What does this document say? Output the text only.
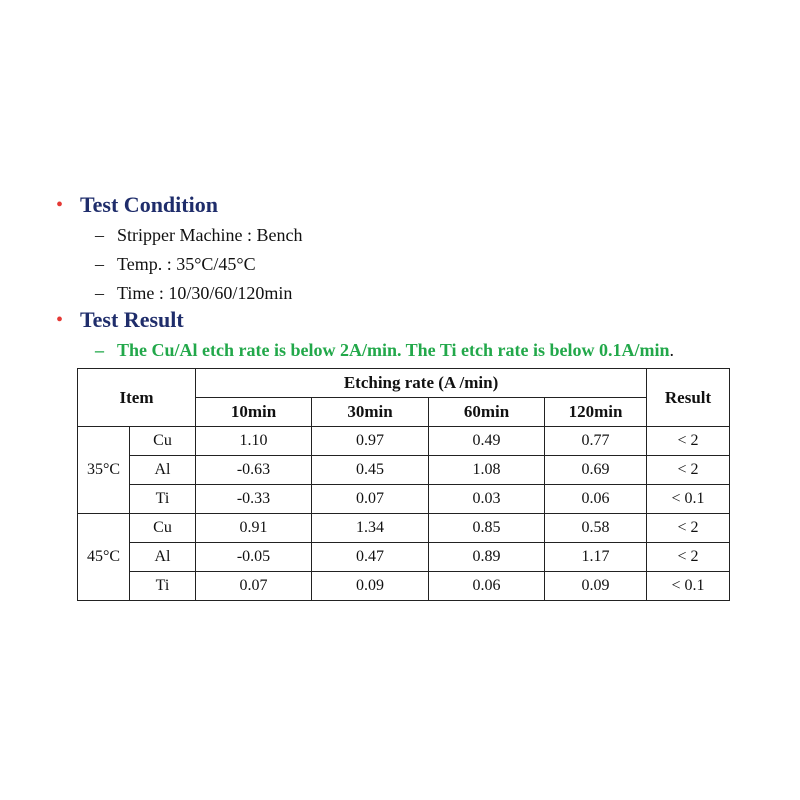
• Test Condition
– Stripper Machine : Bench
– Temp. : 35°C/45°C
– Time : 10/30/60/120min
• Test Result
– The Cu/Al etch rate is below 2A/min. The Ti etch rate is below 0.1A/min .
Item		Etching rate (A /min)				Result
		10min	30min	60min	120min	
35°C	Cu	1.10	0.97	0.49	0.77	< 2
	Al	-0.63	0.45	1.08	0.69	< 2
	Ti	-0.33	0.07	0.03	0.06	< 0.1
45°C	Cu	0.91	1.34	0.85	0.58	< 2
	Al	-0.05	0.47	0.89	1.17	< 2
	Ti	0.07	0.09	0.06	0.09	< 0.1
